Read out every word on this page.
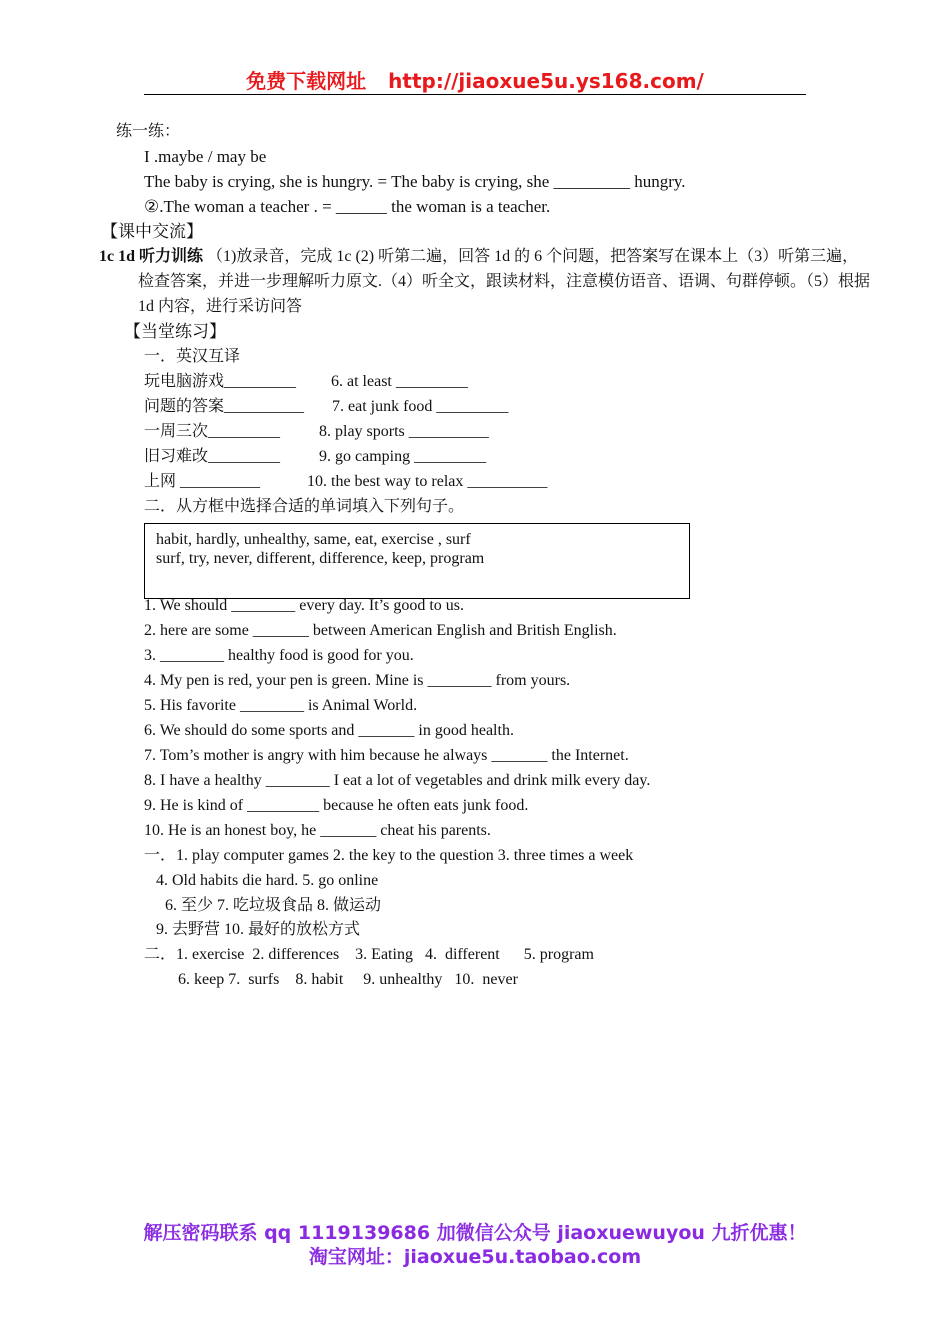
免费下载网址 http://jiaoxue5u.ys168.com/
练一练：
I .maybe / may be
The baby is crying, she is hungry. = The baby is crying, she _________ hungry.
②.The woman a teacher . = ______ the woman is a teacher.
【课中交流】
1c 1d 听力训练 （1)放录音，完成 1c (2) 听第二遍，回答 1d 的 6 个问题，把答案写在课本上（3）听第三遍，
检查答案，并进一步理解听力原文.（4）听全文，跟读材料，注意模仿语音、语调、句群停顿。（5）根据
1d 内容，进行采访问答
【当堂练习】
一．英汉互译
玩电脑游戏_________ 6. at least _________
问题的答案__________ 7. eat junk food _________
一周三次_________ 8. play sports __________
旧习难改_________ 9. go camping _________
上网 __________	10. the best way to relax __________
二．从方框中选择合适的单词填入下列句子。
habit, hardly, unhealthy, same, eat, exercise , surf
surf, try, never, different, difference, keep, program
1. We should ________ every day. It’s good to us.
2. here are some _______ between American English and British English.
3. ________ healthy food is good for you.
4. My pen is red, your pen is green. Mine is ________ from yours.
5. His favorite ________ is Animal World.
6. We should do some sports and _______ in good health.
7. Tom’s mother is angry with him because he always _______ the Internet.
8. I have a healthy ________ I eat a lot of vegetables and drink milk every day.
9. He is kind of _________ because he often eats junk food.
10. He is an honest boy, he _______ cheat his parents.
一．1. play computer games 2. the key to the question 3. three times a week
4. Old habits die hard. 5. go online
6. 至少 7. 吃垃圾食品 8. 做运动
9. 去野营 10. 最好的放松方式
二．1. exercise  2. differences    3. Eating   4.  different      5. program
6. keep 7.  surfs    8. habit     9. unhealthy   10.  never
解压密码联系 qq 1119139686 加微信公众号 jiaoxuewuyou 九折优惠！
淘宝网址：jiaoxue5u.taobao.com
